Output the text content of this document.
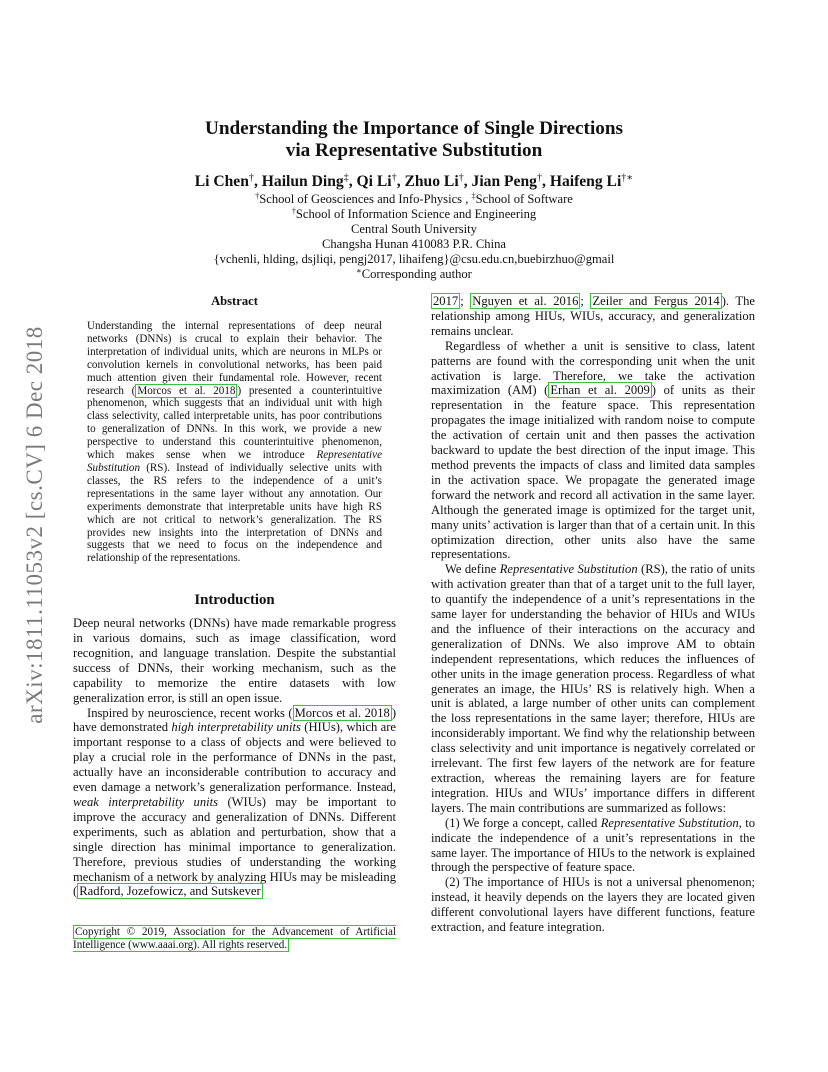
arXiv:1811.11053v2 [cs.CV] 6 Dec 2018
Understanding the Importance of Single Directions
via Representative Substitution
Li Chen†, Hailun Ding‡, Qi Li†, Zhuo Li†, Jian Peng†, Haifeng Li†∗
†School of Geosciences and Info-Physics , ‡School of Software
†School of Information Science and Engineering
Central South University
Changsha Hunan 410083 P.R. China
{vchenli, hlding, dsjliqi, pengj2017, lihaifeng}@csu.edu.cn,buebirzhuo@gmail
∗Corresponding author
Abstract
Understanding the internal representations of deep neural networks (DNNs) is crucal to explain their behavior. The interpretation of individual units, which are neurons in MLPs or convolution kernels in convolutional networks, has been paid much attention given their fundamental role. However, recent research ( Morcos et al. 2018 ) presented a counterintuitive phenomenon, which suggests that an individual unit with high class selectivity, called interpretable units, has poor contributions to generalization of DNNs. In this work, we provide a new perspective to understand this counterintuitive phenomenon, which makes sense when we introduce Representative Substitution (RS). Instead of individually selective units with classes, the RS refers to the independence of a unit’s representations in the same layer without any annotation. Our experiments demonstrate that interpretable units have high RS which are not critical to network’s generalization. The RS provides new insights into the interpretation of DNNs and suggests that we need to focus on the independence and relationship of the representations.
Introduction

Deep neural networks (DNNs) have made remarkable progress in various domains, such as image classification, word recognition, and language translation. Despite the substantial success of DNNs, their working mechanism, such as the capability to memorize the entire datasets with low generalization error, is still an open issue.

Inspired by neuroscience, recent works ( Morcos et al. 2018 ) have demonstrated high interpretability units (HIUs), which are important response to a class of objects and were believed to play a crucial role in the performance of DNNs in the past, actually have an inconsiderable contribution to accuracy and even damage a network’s generalization performance. Instead, weak interpretability units (WIUs) may be important to improve the accuracy and generalization of DNNs. Different experiments, such as ablation and perturbation, show that a single direction has minimal importance to generalization. Therefore, previous studies of understanding the working mechanism of a network by analyzing HIUs may be misleading ( Radford, Jozefowicz, and Sutskever

Copyright © 2019, Association for the Advancement of Artificial Intelligence (www.aaai.org). All rights reserved.

2017 ; Nguyen et al. 2016 ; Zeiler and Fergus 2014 ). The relationship among HIUs, WIUs, accuracy, and generalization remains unclear.

Regardless of whether a unit is sensitive to class, latent patterns are found with the corresponding unit when the unit activation is large. Therefore, we take the activation maximization (AM) ( Erhan et al. 2009 ) of units as their representation in the feature space. This representation propagates the image initialized with random noise to compute the activation of certain unit and then passes the activation backward to update the best direction of the input image. This method prevents the impacts of class and limited data samples in the activation space. We propagate the generated image forward the network and record all activation in the same layer. Although the generated image is optimized for the target unit, many units’ activation is larger than that of a certain unit. In this optimization direction, other units also have the same representations.

We define Representative Substitution (RS), the ratio of units with activation greater than that of a target unit to the full layer, to quantify the independence of a unit’s representations in the same layer for understanding the behavior of HIUs and WIUs and the influence of their interactions on the accuracy and generalization of DNNs. We also improve AM to obtain independent representations, which reduces the influences of other units in the image generation process. Regardless of what generates an image, the HIUs’ RS is relatively high. When a unit is ablated, a large number of other units can complement the loss representations in the same layer; therefore, HIUs are inconsiderably important. We find why the relationship between class selectivity and unit importance is negatively correlated or irrelevant. The first few layers of the network are for feature extraction, whereas the remaining layers are for feature integration. HIUs and WIUs’ importance differs in different layers. The main contributions are summarized as follows:

(1) We forge a concept, called Representative Substitution, to indicate the independence of a unit’s representations in the same layer. The importance of HIUs to the network is explained through the perspective of feature space.

(2) The importance of HIUs is not a universal phenomenon; instead, it heavily depends on the layers they are located given different convolutional layers have different functions, feature extraction, and feature integration.
